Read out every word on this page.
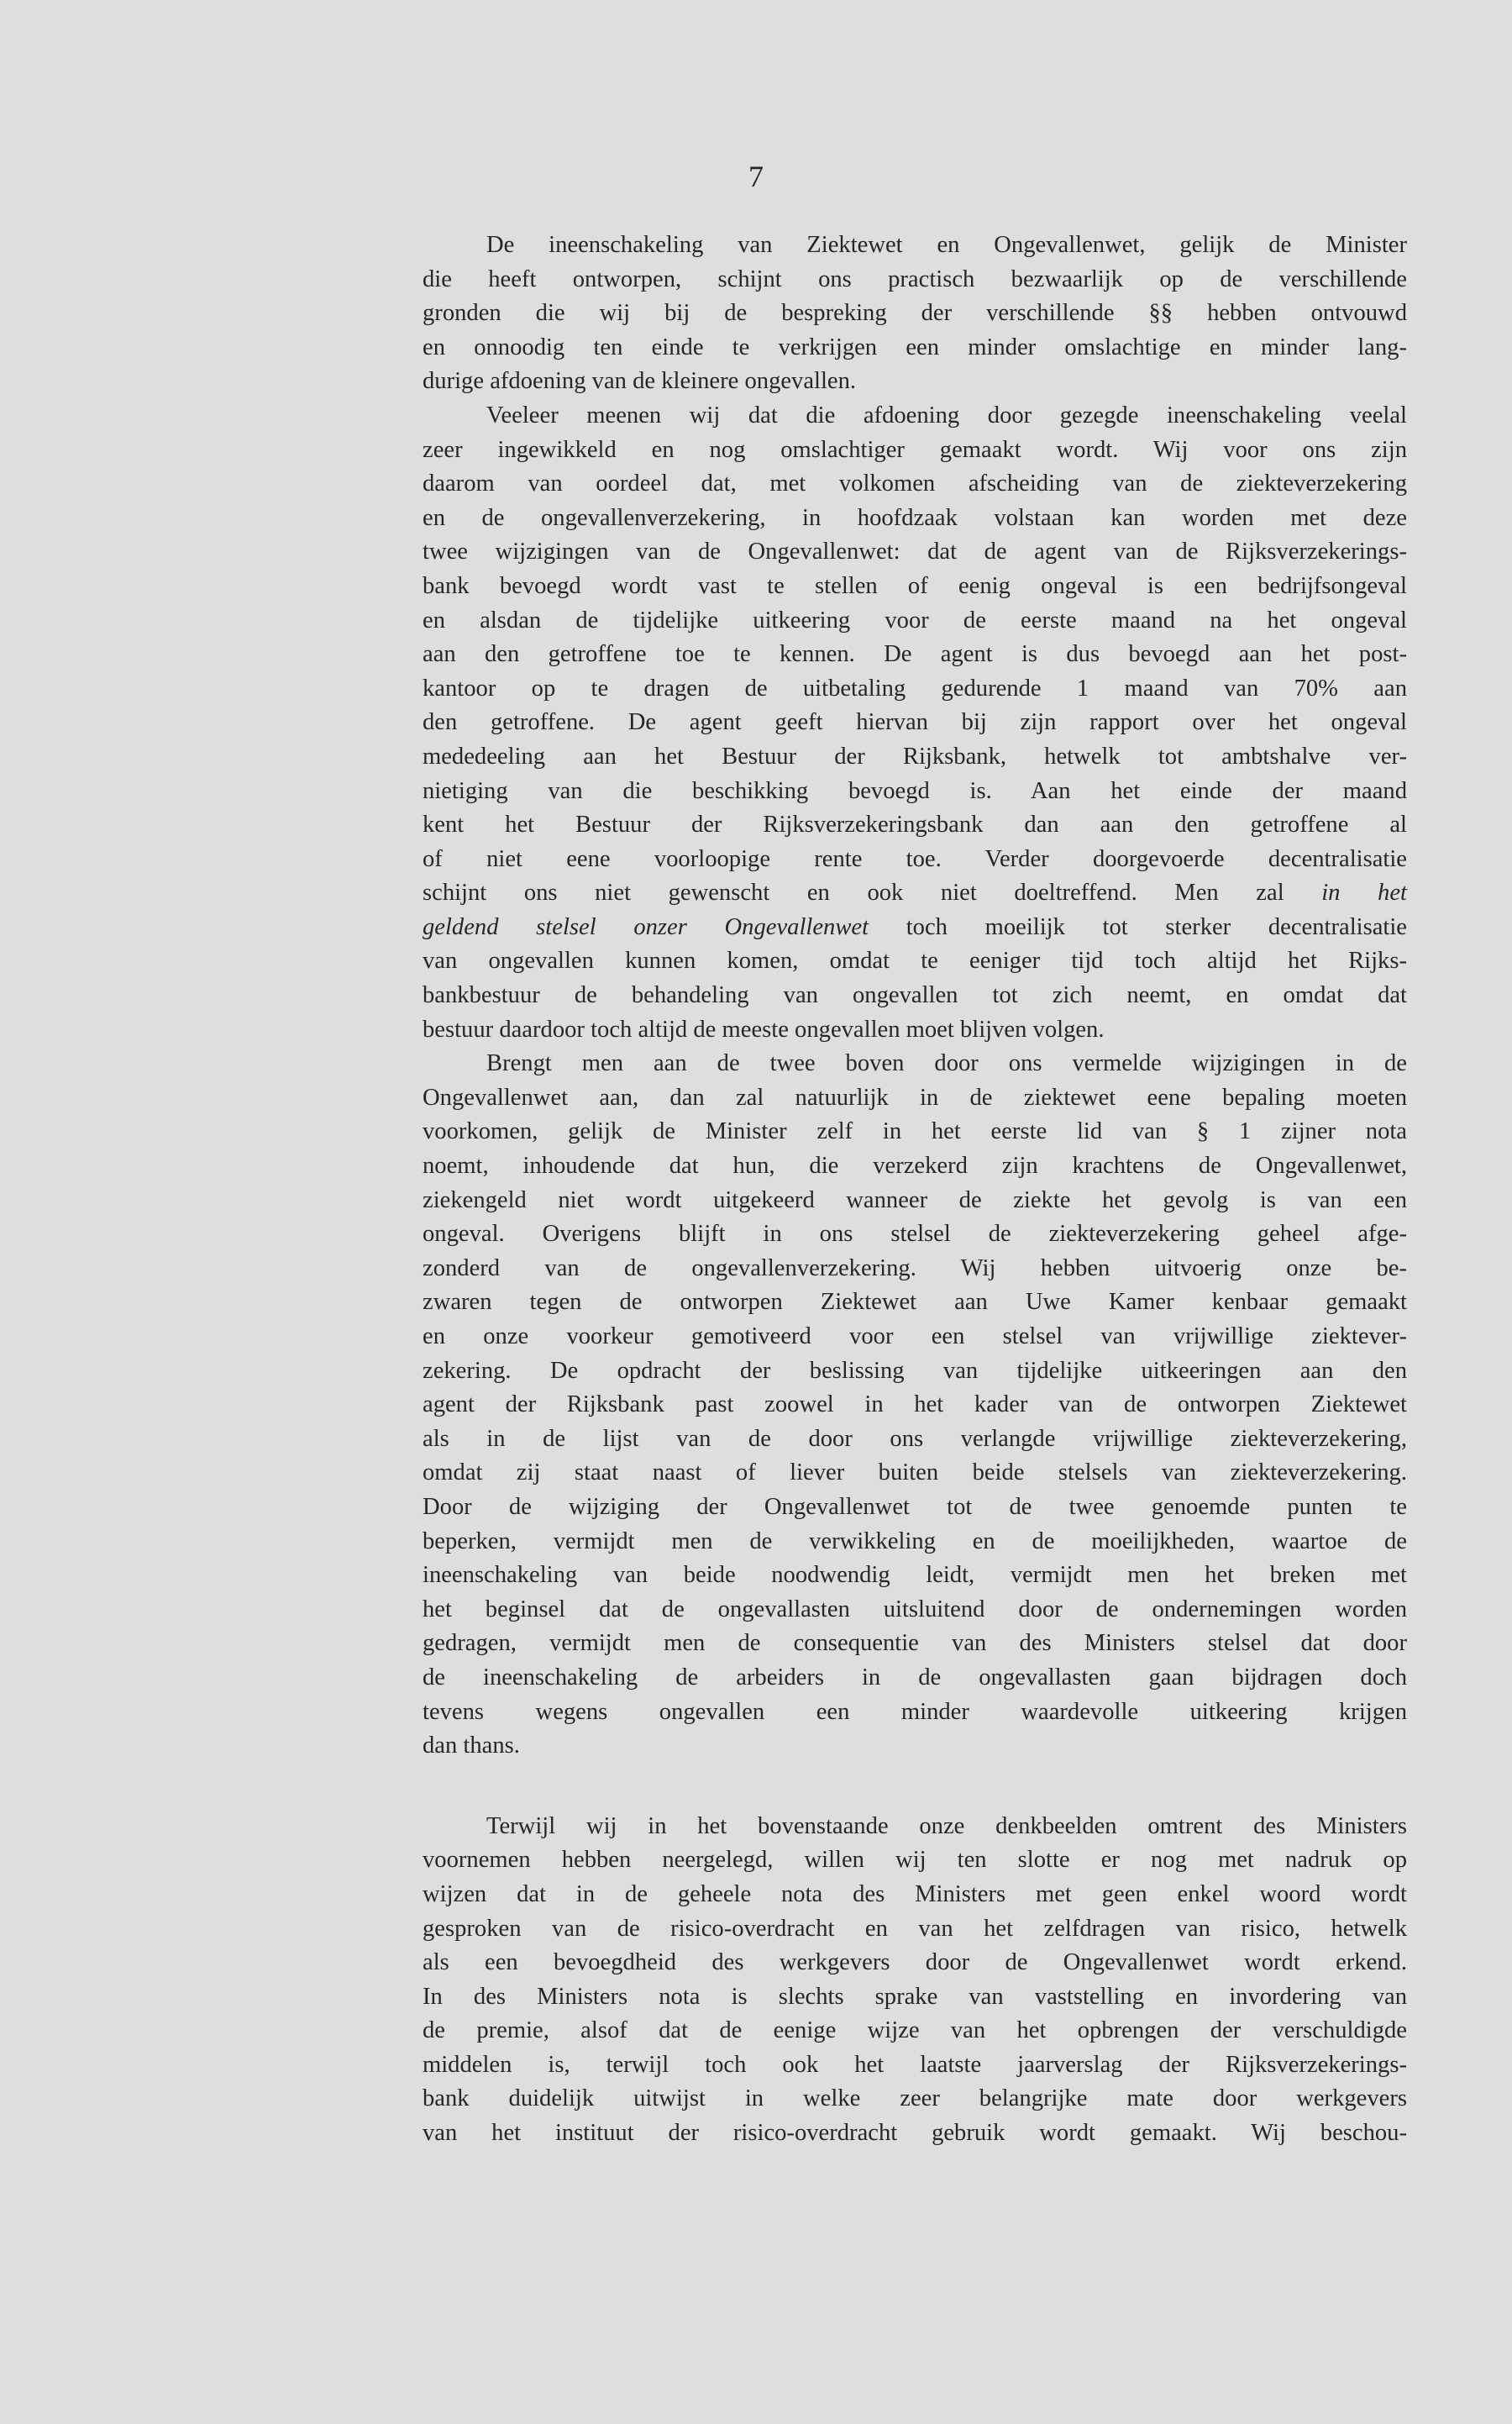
7
De ineenschakeling van Ziektewet en Ongevallenwet, gelijk de Minister
die heeft ontworpen, schijnt ons practisch bezwaarlijk op de verschillende
gronden die wij bij de bespreking der verschillende §§ hebben ontvouwd
en onnoodig ten einde te verkrijgen een minder omslachtige en minder lang-
durige afdoening van de kleinere ongevallen.
Veeleer meenen wij dat die afdoening door gezegde ineenschakeling veelal
zeer ingewikkeld en nog omslachtiger gemaakt wordt. Wij voor ons zijn
daarom van oordeel dat, met volkomen afscheiding van de ziekteverzekering
en de ongevallenverzekering, in hoofdzaak volstaan kan worden met deze
twee wijzigingen van de Ongevallenwet: dat de agent van de Rijksverzekerings-
bank bevoegd wordt vast te stellen of eenig ongeval is een bedrijfsongeval
en alsdan de tijdelijke uitkeering voor de eerste maand na het ongeval
aan den getroffene toe te kennen. De agent is dus bevoegd aan het post-
kantoor op te dragen de uitbetaling gedurende 1 maand van 70% aan
den getroffene. De agent geeft hiervan bij zijn rapport over het ongeval
mededeeling aan het Bestuur der Rijksbank, hetwelk tot ambtshalve ver-
nietiging van die beschikking bevoegd is. Aan het einde der maand
kent het Bestuur der Rijksverzekeringsbank dan aan den getroffene al
of niet eene voorloopige rente toe. Verder doorgevoerde decentralisatie
schijnt ons niet gewenscht en ook niet doeltreffend. Men zal in het
geldend stelsel onzer Ongevallenwet toch moeilijk tot sterker decentralisatie
van ongevallen kunnen komen, omdat te eeniger tijd toch altijd het Rijks-
bankbestuur de behandeling van ongevallen tot zich neemt, en omdat dat
bestuur daardoor toch altijd de meeste ongevallen moet blijven volgen.
Brengt men aan de twee boven door ons vermelde wijzigingen in de
Ongevallenwet aan, dan zal natuurlijk in de ziektewet eene bepaling moeten
voorkomen, gelijk de Minister zelf in het eerste lid van § 1 zijner nota
noemt, inhoudende dat hun, die verzekerd zijn krachtens de Ongevallenwet,
ziekengeld niet wordt uitgekeerd wanneer de ziekte het gevolg is van een
ongeval. Overigens blijft in ons stelsel de ziekteverzekering geheel afge-
zonderd van de ongevallenverzekering. Wij hebben uitvoerig onze be-
zwaren tegen de ontworpen Ziektewet aan Uwe Kamer kenbaar gemaakt
en onze voorkeur gemotiveerd voor een stelsel van vrijwillige ziektever-
zekering. De opdracht der beslissing van tijdelijke uitkeeringen aan den
agent der Rijksbank past zoowel in het kader van de ontworpen Ziektewet
als in de lijst van de door ons verlangde vrijwillige ziekteverzekering,
omdat zij staat naast of liever buiten beide stelsels van ziekteverzekering.
Door de wijziging der Ongevallenwet tot de twee genoemde punten te
beperken, vermijdt men de verwikkeling en de moeilijkheden, waartoe de
ineenschakeling van beide noodwendig leidt, vermijdt men het breken met
het beginsel dat de ongevallasten uitsluitend door de ondernemingen worden
gedragen, vermijdt men de consequentie van des Ministers stelsel dat door
de ineenschakeling de arbeiders in de ongevallasten gaan bijdragen doch
tevens wegens ongevallen een minder waardevolle uitkeering krijgen
dan thans.
Terwijl wij in het bovenstaande onze denkbeelden omtrent des Ministers
voornemen hebben neergelegd, willen wij ten slotte er nog met nadruk op
wijzen dat in de geheele nota des Ministers met geen enkel woord wordt
gesproken van de risico-overdracht en van het zelfdragen van risico, hetwelk
als een bevoegdheid des werkgevers door de Ongevallenwet wordt erkend.
In des Ministers nota is slechts sprake van vaststelling en invordering van
de premie, alsof dat de eenige wijze van het opbrengen der verschuldigde
middelen is, terwijl toch ook het laatste jaarverslag der Rijksverzekerings-
bank duidelijk uitwijst in welke zeer belangrijke mate door werkgevers
van het instituut der risico-overdracht gebruik wordt gemaakt. Wij beschou-
